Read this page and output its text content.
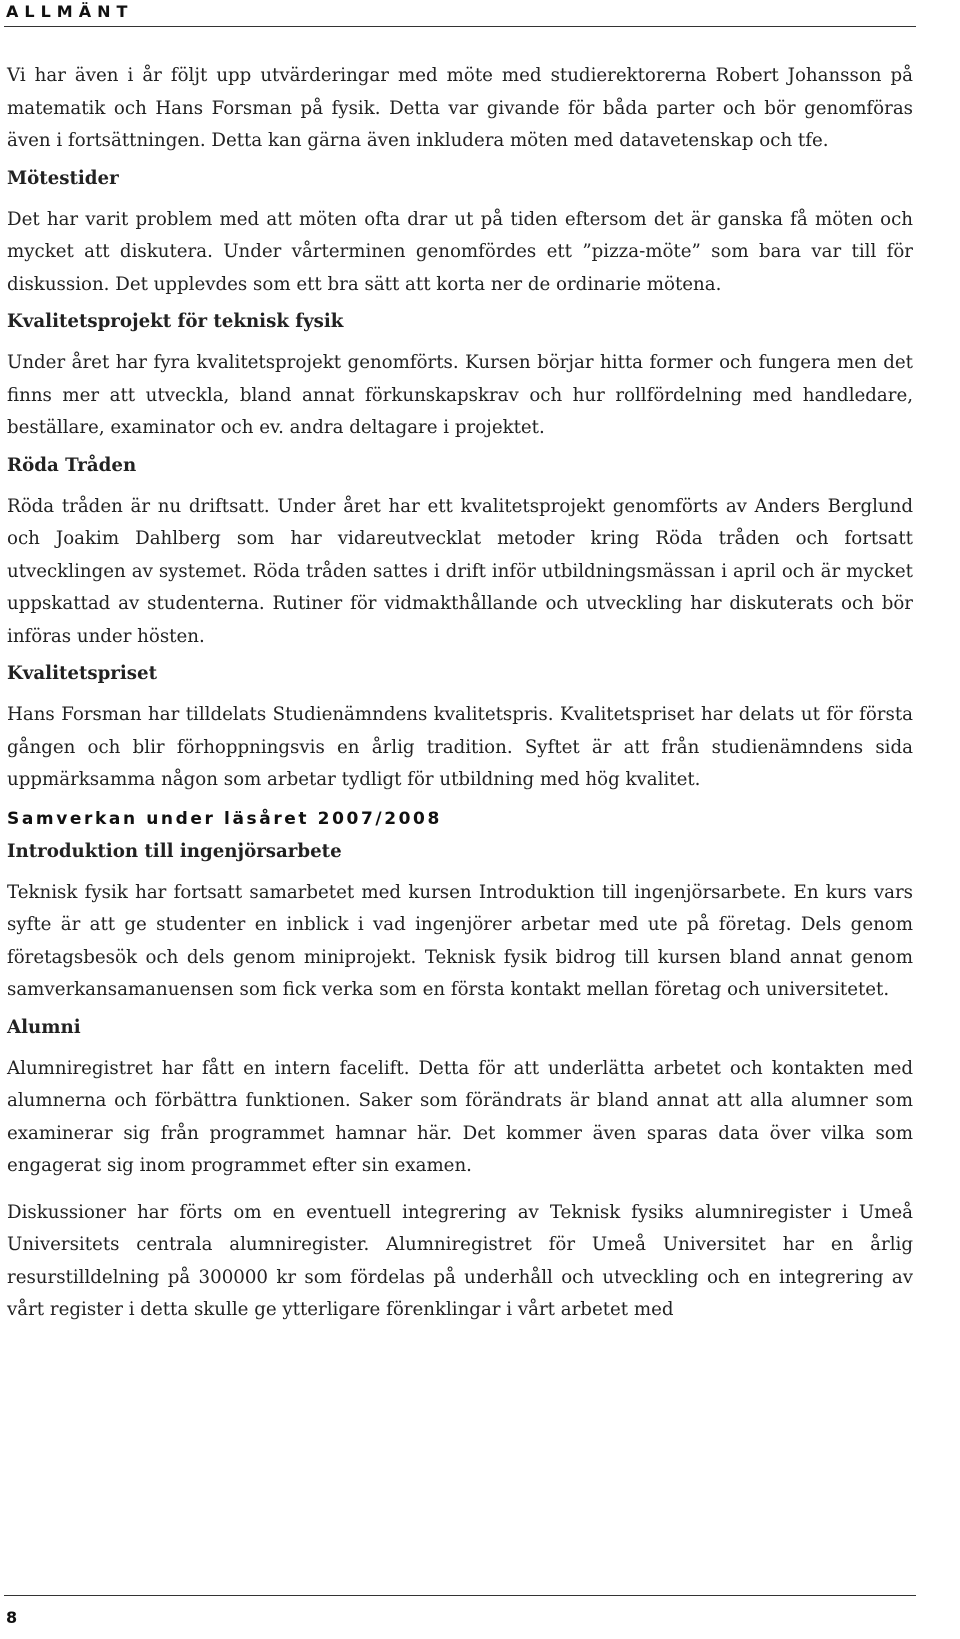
ALLMÄNT

Vi har även i år följt upp utvärderingar med möte med studierektorerna Robert Johansson på matematik och Hans Forsman på fysik. Detta var givande för båda parter och bör genomföras även i fortsättningen. Detta kan gärna även inkludera möten med datavetenskap och tfe.

Mötestider

Det har varit problem med att möten ofta drar ut på tiden eftersom det är ganska få möten och mycket att diskutera. Under vårterminen genomfördes ett ”pizza-möte” som bara var till för diskussion. Det upplevdes som ett bra sätt att korta ner de ordinarie mötena.

Kvalitetsprojekt för teknisk fysik

Under året har fyra kvalitetsprojekt genomförts. Kursen börjar hitta former och fungera men det finns mer att utveckla, bland annat förkunskapskrav och hur rollfördelning med handledare, beställare, examinator och ev. andra deltagare i projektet.

Röda Tråden

Röda tråden är nu driftsatt. Under året har ett kvalitetsprojekt genomförts av Anders Berglund och Joakim Dahlberg som har vidareutvecklat metoder kring Röda tråden och fortsatt utvecklingen av systemet. Röda tråden sattes i drift inför utbildningsmässan i april och är mycket uppskattad av studenterna. Rutiner för vidmakthållande och utveckling har diskuterats och bör införas under hösten.

Kvalitetspriset

Hans Forsman har tilldelats Studienämndens kvalitetspris. Kvalitetspriset har delats ut för första gången och blir förhoppningsvis en årlig tradition. Syftet är att från studienämndens sida uppmärksamma någon som arbetar tydligt för utbildning med hög kvalitet.

Samverkan under läsåret 2007/2008
Introduktion till ingenjörsarbete

Teknisk fysik har fortsatt samarbetet med kursen Introduktion till ingenjörsarbete. En kurs vars syfte är att ge studenter en inblick i vad ingenjörer arbetar med ute på företag. Dels genom företagsbesök och dels genom miniprojekt. Teknisk fysik bidrog till kursen bland annat genom samverkansamanuensen som fick verka som en första kontakt mellan företag och universitetet.

Alumni

Alumniregistret har fått en intern facelift. Detta för att underlätta arbetet och kontakten med alumnerna och förbättra funktionen. Saker som förändrats är bland annat att alla alumner som examinerar sig från programmet hamnar här. Det kommer även sparas data över vilka som engagerat sig inom programmet efter sin examen.

Diskussioner har förts om en eventuell integrering av Teknisk fysiks alumniregister i Umeå Universitets centrala alumniregister. Alumniregistret för Umeå Universitet har en årlig resurstilldelning på 300000 kr som fördelas på underhåll och utveckling och en integrering av vårt register i detta skulle ge ytterligare förenklingar i vårt arbetet med

8
